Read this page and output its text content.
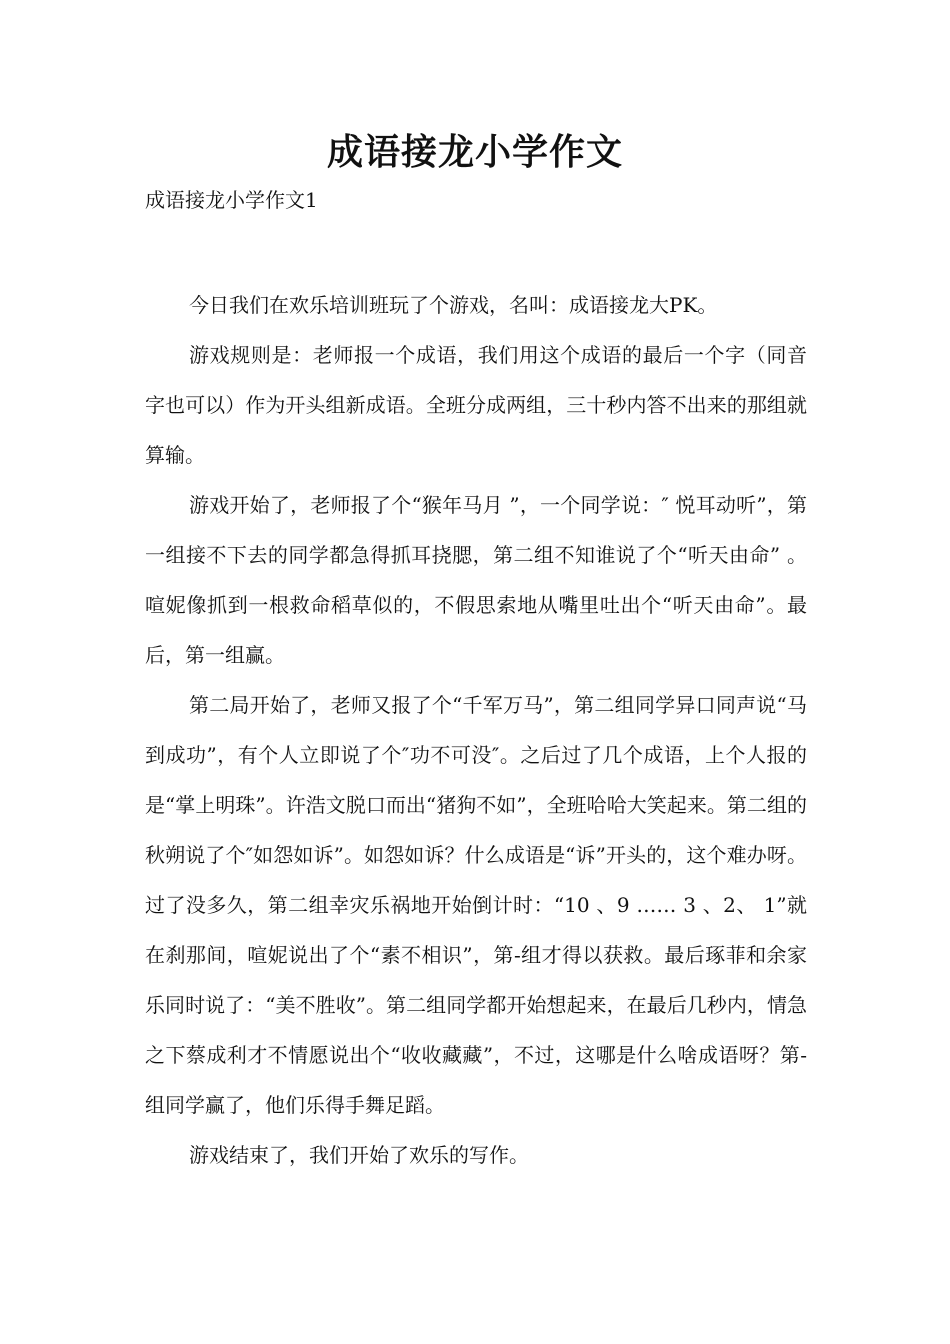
成语接龙小学作文

成语接龙小学作文1

今日我们在欢乐培训班玩了个游戏，名叫：成语接龙大PK。

游戏规则是：老师报一个成语，我们用这个成语的最后一个字（同音字也可以）作为开头组新成语。全班分成两组，三十秒内答不出来的那组就算输。

游戏开始了，老师报了个“猴年马月 ”，一个同学说：″ 悦耳动听”，第一组接不下去的同学都急得抓耳挠腮，第二组不知谁说了个“听天由命” 。喧妮像抓到一根救命稻草似的，不假思索地从嘴里吐出个“听天由命”。最后，第一组赢。

第二局开始了，老师又报了个“千军万马”，第二组同学异口同声说“马到成功”，有个人立即说了个″功不可没″。之后过了几个成语，上个人报的是“掌上明珠”。许浩文脱口而出“猪狗不如”，全班哈哈大笑起来。第二组的秋朔说了个″如怨如诉”。如怨如诉？什么成语是“诉”开头的，这个难办呀。过了没多久，第二组幸灾乐祸地开始倒计时：“10 、9 …… 3 、2、 1”就在刹那间，喧妮说出了个“素不相识”，第-组才得以获救。最后琢菲和余家乐同时说了：“美不胜收”。第二组同学都开始想起来，在最后几秒内，情急之下蔡成利才不情愿说出个“收收藏藏”，不过，这哪是什么啥成语呀？第-组同学赢了，他们乐得手舞足蹈。

游戏结束了，我们开始了欢乐的写作。
